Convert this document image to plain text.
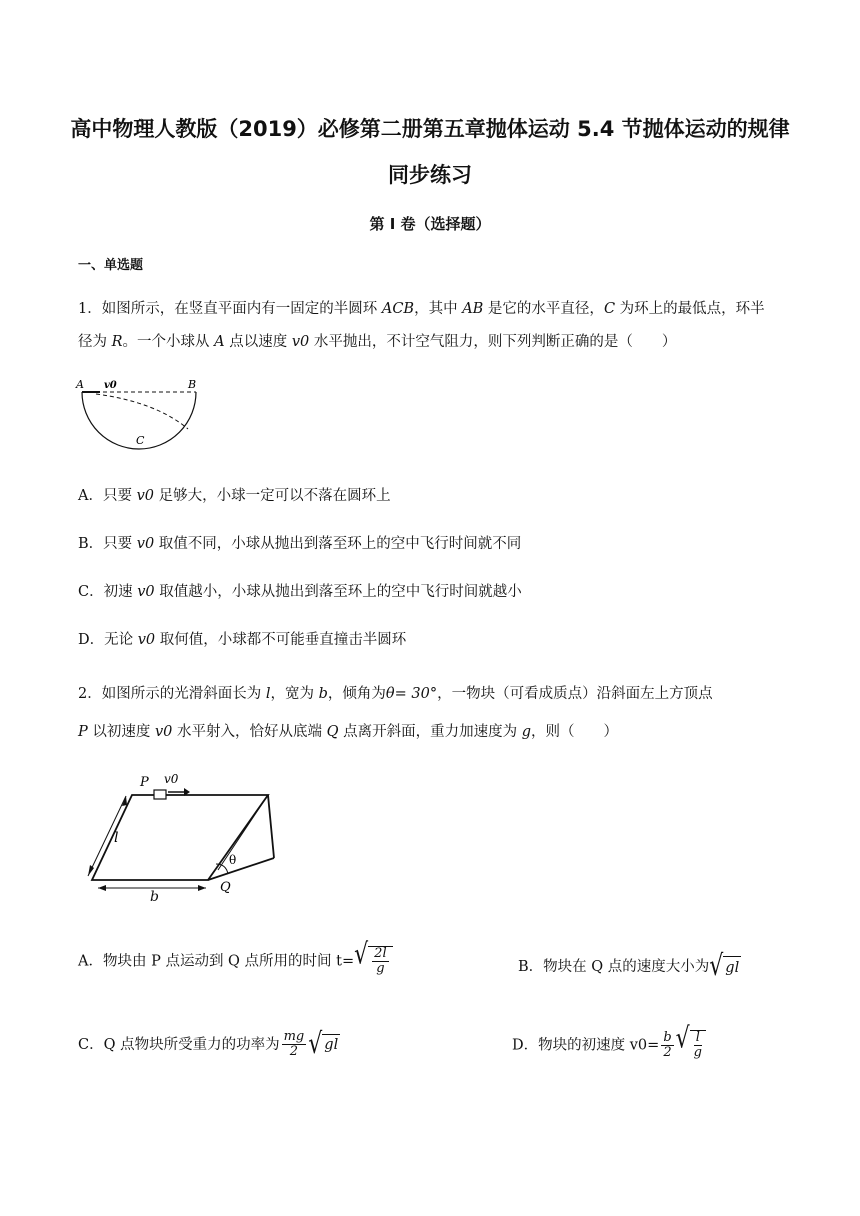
高中物理人教版（2019）必修第二册第五章抛体运动 5.4 节抛体运动的规律
同步练习
第 I 卷（选择题）
一、单选题
1．如图所示，在竖直平面内有一固定的半圆环 ACB，其中 AB 是它的水平直径，C 为环上的最低点，环半
径为 R。一个小球从 A 点以速度 v0 水平抛出，不计空气阻力，则下列判断正确的是（　　）
A v0	B
C
A．只要 v0 足够大，小球一定可以不落在圆环上
B．只要 v0 取值不同，小球从抛出到落至环上的空中飞行时间就不同
C．初速 v0 取值越小，小球从抛出到落至环上的空中飞行时间就越小
D．无论 v0 取何值，小球都不可能垂直撞击半圆环
2．如图所示的光滑斜面长为 l，宽为 b，倾角为θ= 30°，一物块（可看成质点）沿斜面左上方顶点
P 以初速度 v0 水平射入，恰好从底端 Q 点离开斜面，重力加速度为 g，则（　　）
P v0
l
θ
Q
b
A．物块由 P 点运动到 Q 点所用的时间 t= √ $\frac{2l}{g}$	B．物块在 Q 点的速度大小为 √ gl
C．Q 点物块所受重力的功率为 $\frac{mg}{2}$ √ gl	D．物块的初速度 $v0= \frac{b}{2}$ √ $\frac{l}{g}$
